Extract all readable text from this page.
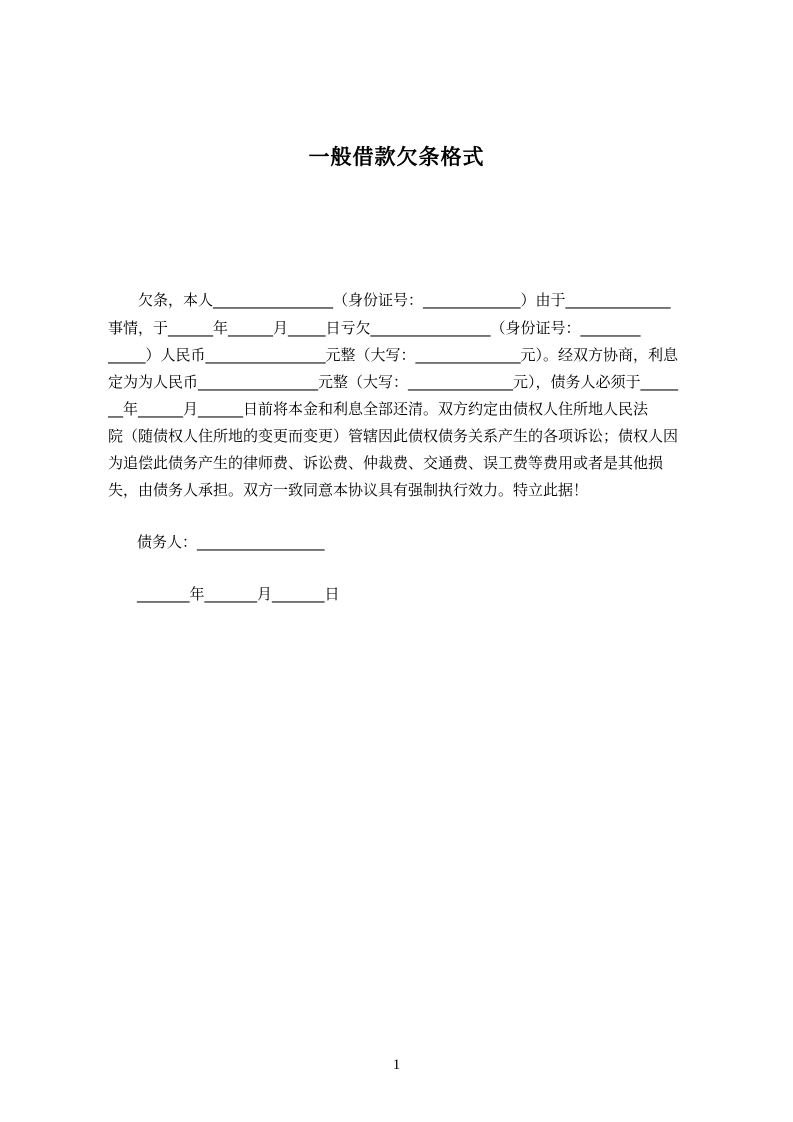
一般借款欠条格式
欠条，本人________________（身份证号：_____________）由于______________
事情，于______年______月_____日亏欠________________（身份证号：________
_____）人民币________________元整（大写：______________元）。经双方协商，利息
定为为人民币________________元整（大写：______________元），债务人必须于_____
__年______月______日前将本金和利息全部还清。双方约定由债权人住所地人民法
院（随债权人住所地的变更而变更）管辖因此债权债务关系产生的各项诉讼；债权人因
为追偿此债务产生的律师费、诉讼费、仲裁费、交通费、误工费等费用或者是其他损
失，由债务人承担。双方一致同意本协议具有强制执行效力。特立此据！
债务人：_________________
_______年_______月_______日
1
